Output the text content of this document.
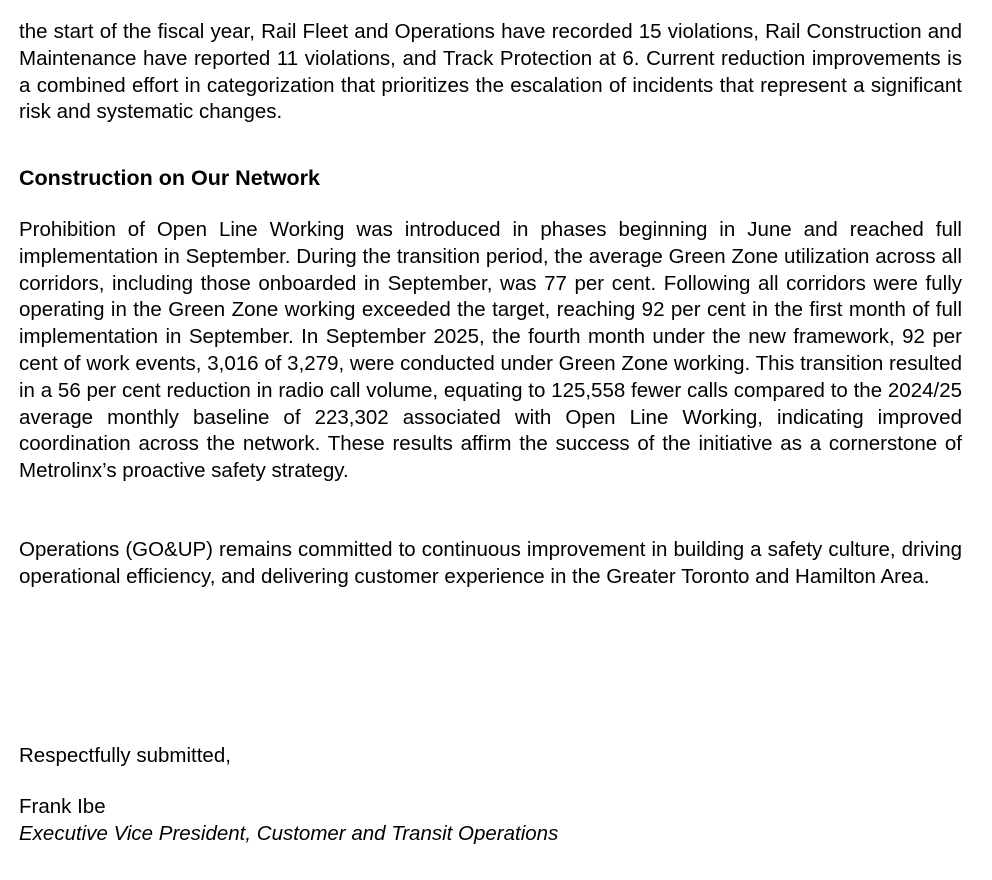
the start of the fiscal year, Rail Fleet and Operations have recorded 15 violations, Rail Construction and Maintenance have reported 11 violations, and Track Protection at 6. Current reduction improvements is a combined effort in categorization that prioritizes the escalation of incidents that represent a significant risk and systematic changes.

Construction on Our Network

Prohibition of Open Line Working was introduced in phases beginning in June and reached full implementation in September. During the transition period, the average Green Zone utilization across all corridors, including those onboarded in September, was 77 per cent. Following all corridors were fully operating in the Green Zone working exceeded the target, reaching 92 per cent in the first month of full implementation in September. In September 2025, the fourth month under the new framework, 92 per cent of work events, 3,016 of 3,279, were conducted under Green Zone working. This transition resulted in a 56 per cent reduction in radio call volume, equating to 125,558 fewer calls compared to the 2024/25 average monthly baseline of 223,302 associated with Open Line Working, indicating improved coordination across the network. These results affirm the success of the initiative as a cornerstone of Metrolinx’s proactive safety strategy.

Operations (GO&UP) remains committed to continuous improvement in building a safety culture, driving operational efficiency, and delivering customer experience in the Greater Toronto and Hamilton Area.

Respectfully submitted,

Frank Ibe

Executive Vice President, Customer and Transit Operations
